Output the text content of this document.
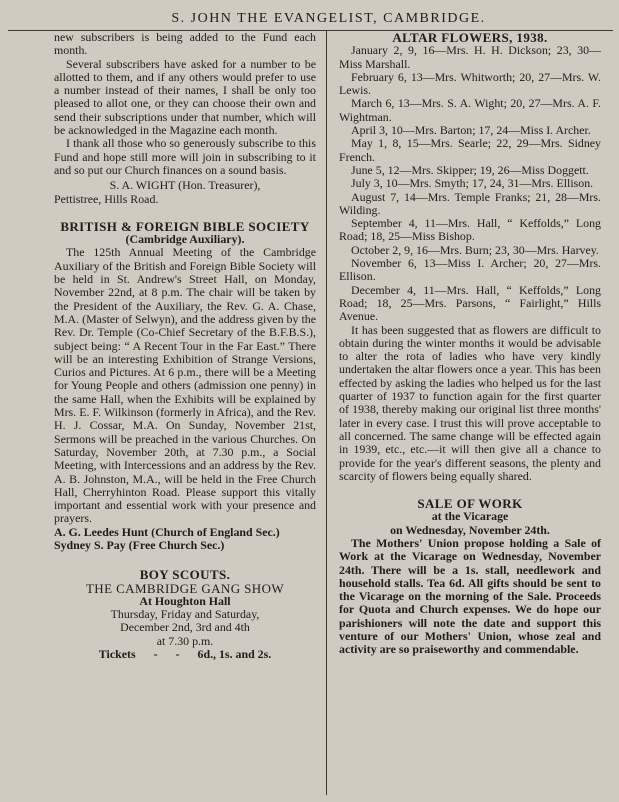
S. JOHN THE EVANGELIST, CAMBRIDGE.

new subscribers is being added to the Fund each month.

Several subscribers have asked for a number to be allotted to them, and if any others would prefer to use a number instead of their names, I shall be only too pleased to allot one, or they can choose their own and send their subscriptions under that number, which will be acknowledged in the Magazine each month.

I thank all those who so generously subscribe to this Fund and hope still more will join in subscribing to it and so put our Church finances on a sound basis.

S. A. WIGHT (Hon. Treasurer),
Pettistree, Hills Road.
BRITISH & FOREIGN BIBLE SOCIETY
(Cambridge Auxiliary).

The 125th Annual Meeting of the Cambridge Auxiliary of the British and Foreign Bible Society will be held in St. Andrew's Street Hall, on Monday, November 22nd, at 8 p.m. The chair will be taken by the President of the Auxiliary, the Rev. G. A. Chase, M.A. (Master of Selwyn), and the address given by the Rev. Dr. Temple (Co-Chief Secretary of the B.F.B.S.), subject being: “ A Recent Tour in the Far East.” There will be an interesting Exhibition of Strange Versions, Curios and Pictures. At 6 p.m., there will be a Meeting for Young People and others (admission one penny) in the same Hall, when the Exhibits will be explained by Mrs. E. F. Wilkinson (formerly in Africa), and the Rev. H. J. Cossar, M.A. On Sunday, November 21st, Sermons will be preached in the various Churches. On Saturday, November 20th, at 7.30 p.m., a Social Meeting, with Intercessions and an address by the Rev. A. B. Johnston, M.A., will be held in the Free Church Hall, Cherryhinton Road. Please support this vitally important and essential work with your presence and prayers.

A. G. Leedes Hunt (Church of England Sec.)
Sydney S. Pay (Free Church Sec.)
BOY SCOUTS.
THE CAMBRIDGE GANG SHOW
At Houghton Hall
Thursday, Friday and Saturday,
December 2nd, 3rd and 4th
at 7.30 p.m.
Tickets - - 6d., 1s. and 2s.
ALTAR FLOWERS, 1938.

January 2, 9, 16—Mrs. H. H. Dickson; 23, 30—Miss Marshall.

February 6, 13—Mrs. Whitworth; 20, 27—Mrs. W. Lewis.

March 6, 13—Mrs. S. A. Wight; 20, 27—Mrs. A. F. Wightman.

April 3, 10—Mrs. Barton; 17, 24—Miss I. Archer.

May 1, 8, 15—Mrs. Searle; 22, 29—Mrs. Sidney French.

June 5, 12—Mrs. Skipper; 19, 26—Miss Doggett.

July 3, 10—Mrs. Smyth; 17, 24, 31—Mrs. Ellison.

August 7, 14—Mrs. Temple Franks; 21, 28—Mrs. Wilding.

September 4, 11—Mrs. Hall, “ Keffolds,” Long Road; 18, 25—Miss Bishop.

October 2, 9, 16—Mrs. Burn; 23, 30—Mrs. Harvey.

November 6, 13—Miss I. Archer; 20, 27—Mrs. Ellison.

December 4, 11—Mrs. Hall, “ Keffolds,” Long Road; 18, 25—Mrs. Parsons, “ Fairlight,” Hills Avenue.

It has been suggested that as flowers are difficult to obtain during the winter months it would be advisable to alter the rota of ladies who have very kindly undertaken the altar flowers once a year. This has been effected by asking the ladies who helped us for the last quarter of 1937 to function again for the first quarter of 1938, thereby making our original list three months' later in every case. I trust this will prove acceptable to all concerned. The same change will be effected again in 1939, etc., etc.—it will then give all a chance to provide for the year's different seasons, the plenty and scarcity of flowers being equally shared.

SALE OF WORK
at the Vicarage
on Wednesday, November 24th.

The Mothers' Union propose holding a Sale of Work at the Vicarage on Wednesday, November 24th. There will be a 1s. stall, needlework and household stalls. Tea 6d. All gifts should be sent to the Vicarage on the morning of the Sale. Proceeds for Quota and Church expenses. We do hope our parishioners will note the date and support this venture of our Mothers' Union, whose zeal and activity are so praiseworthy and commendable.
